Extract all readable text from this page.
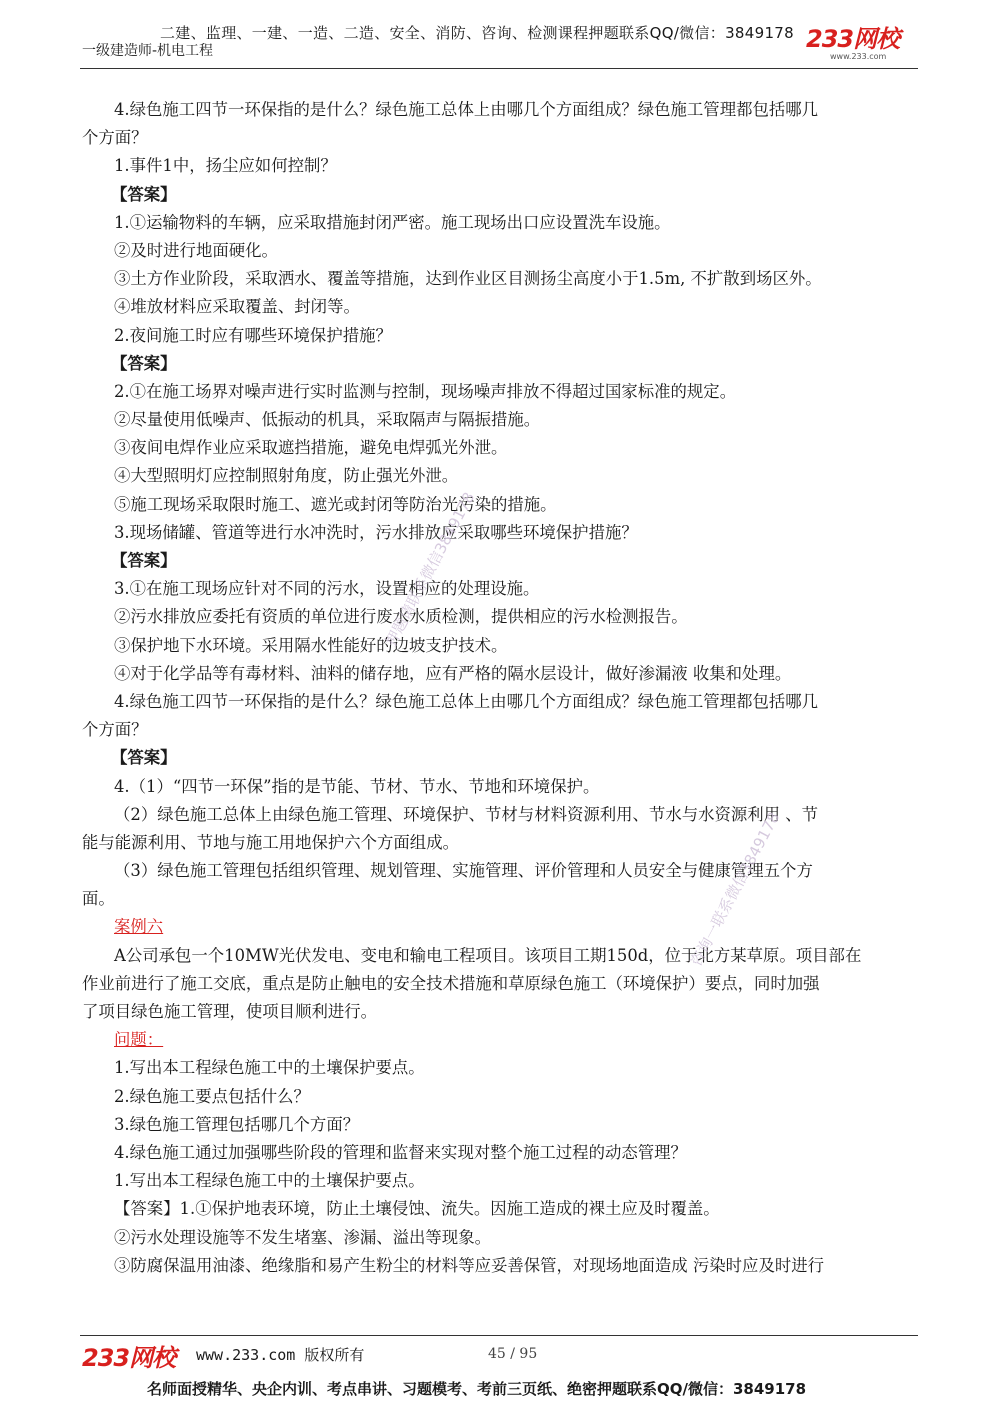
二建、监理、一建、一造、二造、安全、消防、咨询、检测课程押题联系QQ/微信：3849178
一级建造师-机电工程	233网校
www.233.com
4.绿色施工四节一环保指的是什么？绿色施工总体上由哪几个方面组成？绿色施工管理都包括哪几
个方面？
1.事件1中，扬尘应如何控制？
【答案】
1.①运输物料的车辆，应采取措施封闭严密。施工现场出口应设置洗车设施。
②及时进行地面硬化。
③土方作业阶段，采取洒水、覆盖等措施，达到作业区目测扬尘高度小于1.5m, 不扩散到场区外。
④堆放材料应采取覆盖、封闭等。
2.夜间施工时应有哪些环境保护措施？
【答案】
2.①在施工场界对噪声进行实时监测与控制，现场噪声排放不得超过国家标准的规定。
②尽量使用低噪声、低振动的机具，采取隔声与隔振措施。
③夜间电焊作业应采取遮挡措施，避免电焊弧光外泄。
④大型照明灯应控制照射角度，防止强光外泄。
⑤施工现场采取限时施工、遮光或封闭等防治光污染的措施。
3.现场储罐、管道等进行水冲洗时，污水排放应采取哪些环境保护措施？
【答案】
3.①在施工现场应针对不同的污水，设置相应的处理设施。
②污水排放应委托有资质的单位进行废水水质检测，提供相应的污水检测报告。
③保护地下水环境。采用隔水性能好的边坡支护技术。
④对于化学品等有毒材料、油料的储存地，应有严格的隔水层设计，做好渗漏液 收集和处理。
4.绿色施工四节一环保指的是什么？绿色施工总体上由哪几个方面组成？绿色施工管理都包括哪几
个方面？
【答案】
4.（1）“四节一环保”指的是节能、节材、节水、节地和环境保护。
（2）绿色施工总体上由绿色施工管理、环境保护、节材与材料资源利用、节水与水资源利用 、节
能与能源利用、节地与施工用地保护六个方面组成。
（3）绿色施工管理包括组织管理、规划管理、实施管理、评价管理和人员安全与健康管理五个方
面。
案例六
A公司承包一个10MW光伏发电、变电和输电工程项目。该项目工期150d，位于北方某草原。项目部在
作业前进行了施工交底，重点是防止触电的安全技术措施和草原绿色施工（环境保护）要点，同时加强
了项目绿色施工管理，使项目顺利进行。
问题：
1.写出本工程绿色施工中的土壤保护要点。
2.绿色施工要点包括什么？
3.绿色施工管理包括哪几个方面？
4.绿色施工通过加强哪些阶段的管理和监督来实现对整个施工过程的动态管理？
1.写出本工程绿色施工中的土壤保护要点。
【答案】1.①保护地表环境，防止土壤侵蚀、流失。因施工造成的裸土应及时覆盖。
②污水处理设施等不发生堵塞、渗漏、溢出等现象。
③防腐保温用油漆、绝缘脂和易产生粉尘的材料等应妥善保管，对现场地面造成 污染时应及时进行
押题请联系微信3849178
咨询一联系微信3849178
233网校 www.233.com 版权所有	45 / 95
名师面授精华、央企内训、考点串讲、习题模考、考前三页纸、绝密押题联系QQ/微信：3849178
